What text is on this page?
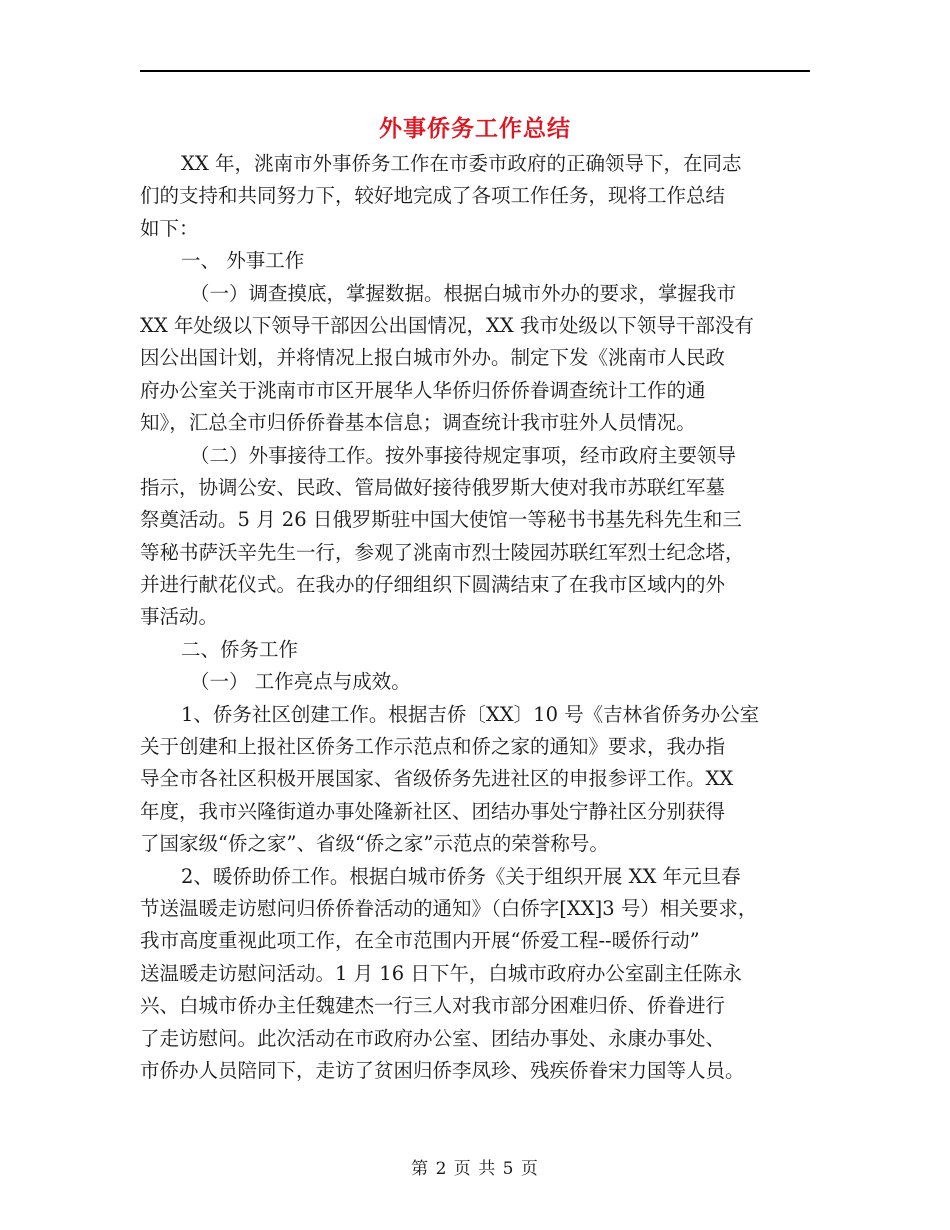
外事侨务工作总结
XX 年，洮南市外事侨务工作在市委市政府的正确领导下，在同志
们的支持和共同努力下，较好地完成了各项工作任务，现将工作总结
如下：
一、 外事工作
（一）调查摸底，掌握数据。根据白城市外办的要求，掌握我市
XX 年处级以下领导干部因公出国情况，XX 我市处级以下领导干部没有
因公出国计划，并将情况上报白城市外办。制定下发《洮南市人民政
府办公室关于洮南市市区开展华人华侨归侨侨眷调查统计工作的通
知》，汇总全市归侨侨眷基本信息；调查统计我市驻外人员情况。
（二）外事接待工作。按外事接待规定事项，经市政府主要领导
指示，协调公安、民政、管局做好接待俄罗斯大使对我市苏联红军墓
祭奠活动。5 月 26 日俄罗斯驻中国大使馆一等秘书书基先科先生和三
等秘书萨沃辛先生一行，参观了洮南市烈士陵园苏联红军烈士纪念塔，
并进行献花仪式。在我办的仔细组织下圆满结束了在我市区域内的外
事活动。
二、侨务工作
（一） 工作亮点与成效。
1、侨务社区创建工作。根据吉侨〔XX〕10 号《吉林省侨务办公室
关于创建和上报社区侨务工作示范点和侨之家的通知》要求，我办指
导全市各社区积极开展国家、省级侨务先进社区的申报参评工作。XX
年度，我市兴隆街道办事处隆新社区、团结办事处宁静社区分别获得
了国家级“侨之家”、省级“侨之家”示范点的荣誉称号。
2、暖侨助侨工作。根据白城市侨务《关于组织开展 XX 年元旦春
节送温暖走访慰问归侨侨眷活动的通知》（白侨字[XX]3 号）相关要求，
我市高度重视此项工作，在全市范围内开展“侨爱工程--暖侨行动”
送温暖走访慰问活动。1 月 16 日下午，白城市政府办公室副主任陈永
兴、白城市侨办主任魏建杰一行三人对我市部分困难归侨、侨眷进行
了走访慰问。此次活动在市政府办公室、团结办事处、永康办事处、
市侨办人员陪同下，走访了贫困归侨李凤珍、残疾侨眷宋力国等人员。
第 2 页 共 5 页
